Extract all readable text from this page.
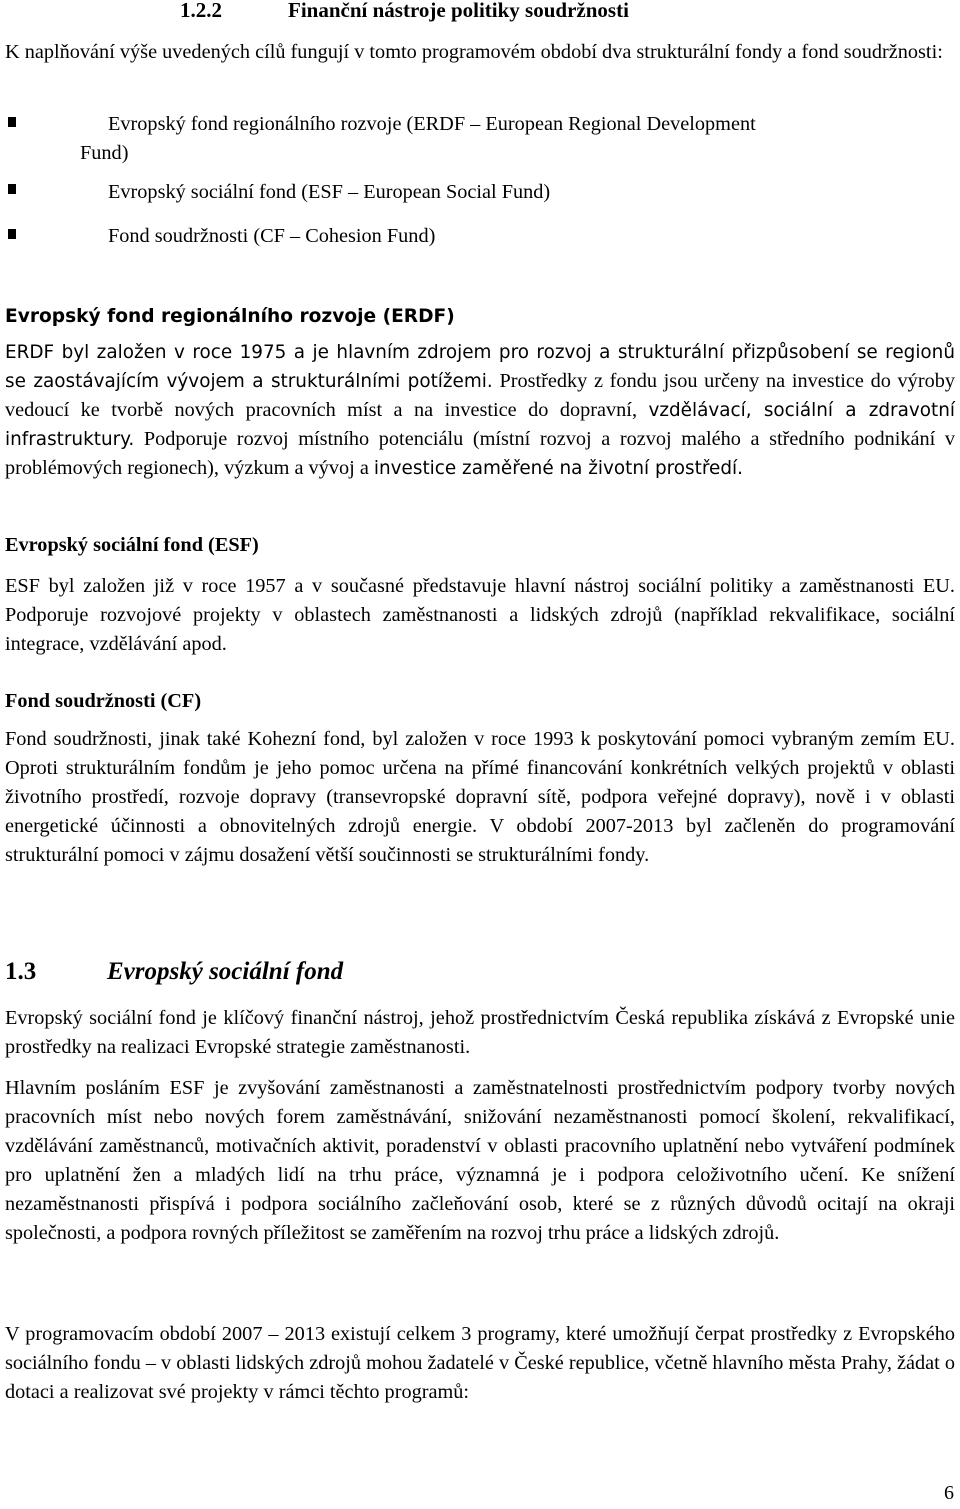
1.2.2	Finanční nástroje politiky soudržnosti

K naplňování výše uvedených cílů fungují v tomto programovém období dva strukturální fondy a fond soudržnosti:

Evropský fond regionálního rozvoje (ERDF – European Regional Development
Fund)
Evropský sociální fond (ESF – European Social Fund)
Fond soudržnosti (CF – Cohesion Fund)
Evropský fond regionálního rozvoje (ERDF)

ERDF byl založen v roce 1975 a je hlavním zdrojem pro rozvoj a strukturální přizpůsobení se regionů se zaostávajícím vývojem a strukturálními potížemi. Prostředky z fondu jsou určeny na investice do výroby vedoucí ke tvorbě nových pracovních míst a na investice do dopravní, vzdělávací, sociální a zdravotní infrastruktury. Podporuje rozvoj místního potenciálu (místní rozvoj a rozvoj malého a středního podnikání v problémových regionech), výzkum a vývoj a investice zaměřené na životní prostředí.

Evropský sociální fond (ESF)

ESF byl založen již v roce 1957 a v současné představuje hlavní nástroj sociální politiky a zaměstnanosti EU. Podporuje rozvojové projekty v oblastech zaměstnanosti a lidských zdrojů (například rekvalifikace, sociální integrace, vzdělávání apod.

Fond soudržnosti (CF)

Fond soudržnosti, jinak také Kohezní fond, byl založen v roce 1993 k poskytování pomoci vybraným zemím EU. Oproti strukturálním fondům je jeho pomoc určena na přímé financování konkrétních velkých projektů v oblasti životního prostředí, rozvoje dopravy (transevropské dopravní sítě, podpora veřejné dopravy), nově i v oblasti energetické účinnosti a obnovitelných zdrojů energie. V období 2007-2013 byl začleněn do programování strukturální pomoci v zájmu dosažení větší součinnosti se strukturálními fondy.

1.3	Evropský sociální fond

Evropský sociální fond je klíčový finanční nástroj, jehož prostřednictvím Česká republika získává z Evropské unie prostředky na realizaci Evropské strategie zaměstnanosti.

Hlavním posláním ESF je zvyšování zaměstnanosti a zaměstnatelnosti prostřednictvím podpory tvorby nových pracovních míst nebo nových forem zaměstnávání, snižování nezaměstnanosti pomocí školení, rekvalifikací, vzdělávání zaměstnanců, motivačních aktivit, poradenství v oblasti pracovního uplatnění nebo vytváření podmínek pro uplatnění žen a mladých lidí na trhu práce, významná je i podpora celoživotního učení. Ke snížení nezaměstnanosti přispívá i podpora sociálního začleňování osob, které se z různých důvodů ocitají na okraji společnosti, a podpora rovných příležitost se zaměřením na rozvoj trhu práce a lidských zdrojů.

V programovacím období 2007 – 2013 existují celkem 3 programy, které umožňují čerpat prostředky z Evropského sociálního fondu – v oblasti lidských zdrojů mohou žadatelé v České republice, včetně hlavního města Prahy, žádat o dotaci a realizovat své projekty v rámci těchto programů:

6
